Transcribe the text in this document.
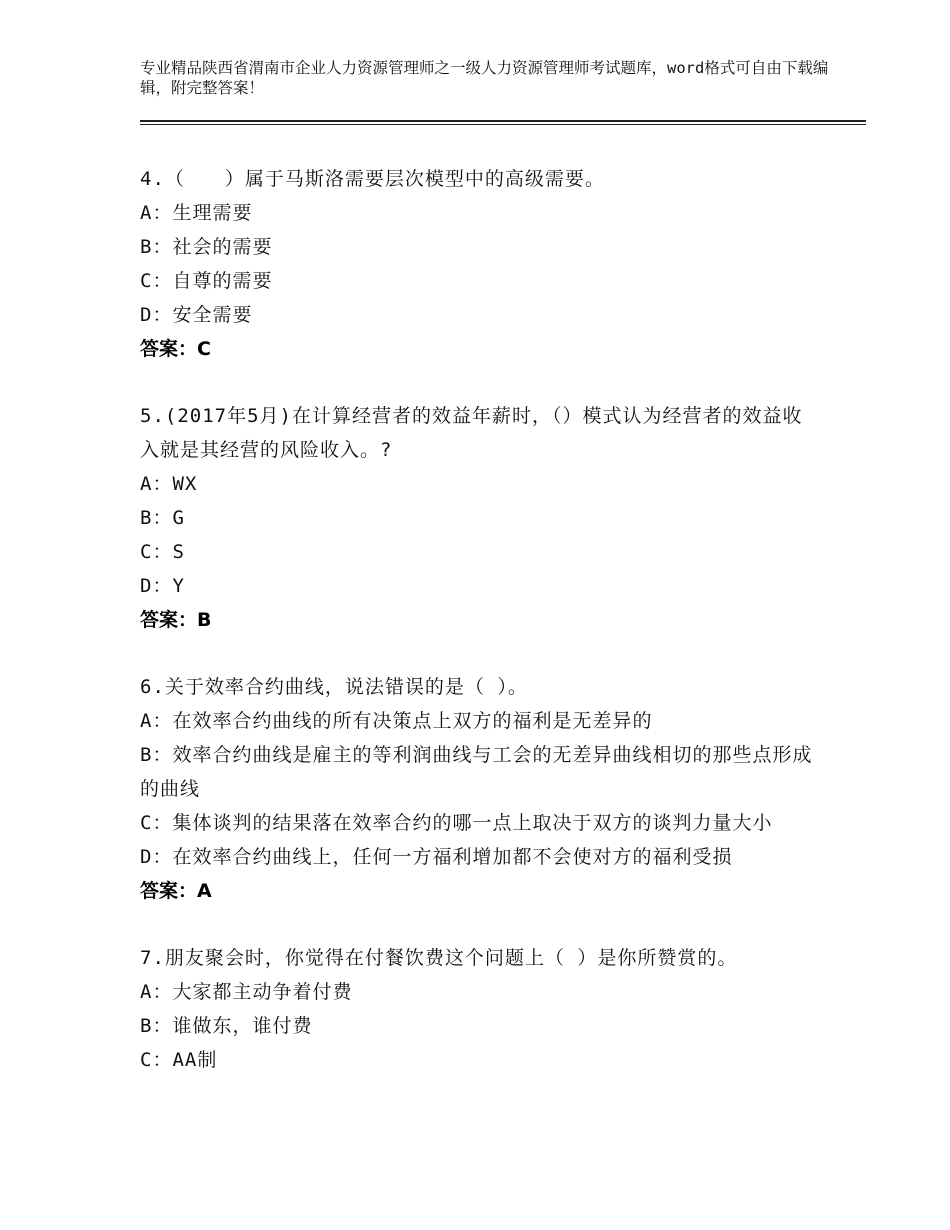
专业精品陕西省渭南市企业人力资源管理师之一级人力资源管理师考试题库，word格式可自由下载编辑，附完整答案！

4.（　　）属于马斯洛需要层次模型中的高级需要。

A：生理需要

B：社会的需要

C：自尊的需要

D：安全需要

答案：C

5.(2017年5月)在计算经营者的效益年薪时，（）模式认为经营者的效益收入就是其经营的风险收入。?

A：WX

B：G

C：S

D：Y

答案：B

6.关于效率合约曲线，说法错误的是（ ）。

A：在效率合约曲线的所有决策点上双方的福利是无差异的

B：效率合约曲线是雇主的等利润曲线与工会的无差异曲线相切的那些点形成的曲线

C：集体谈判的结果落在效率合约的哪一点上取决于双方的谈判力量大小

D：在效率合约曲线上，任何一方福利增加都不会使对方的福利受损

答案：A

7.朋友聚会时，你觉得在付餐饮费这个问题上（ ）是你所赞赏的。

A：大家都主动争着付费

B：谁做东，谁付费

C：AA制
